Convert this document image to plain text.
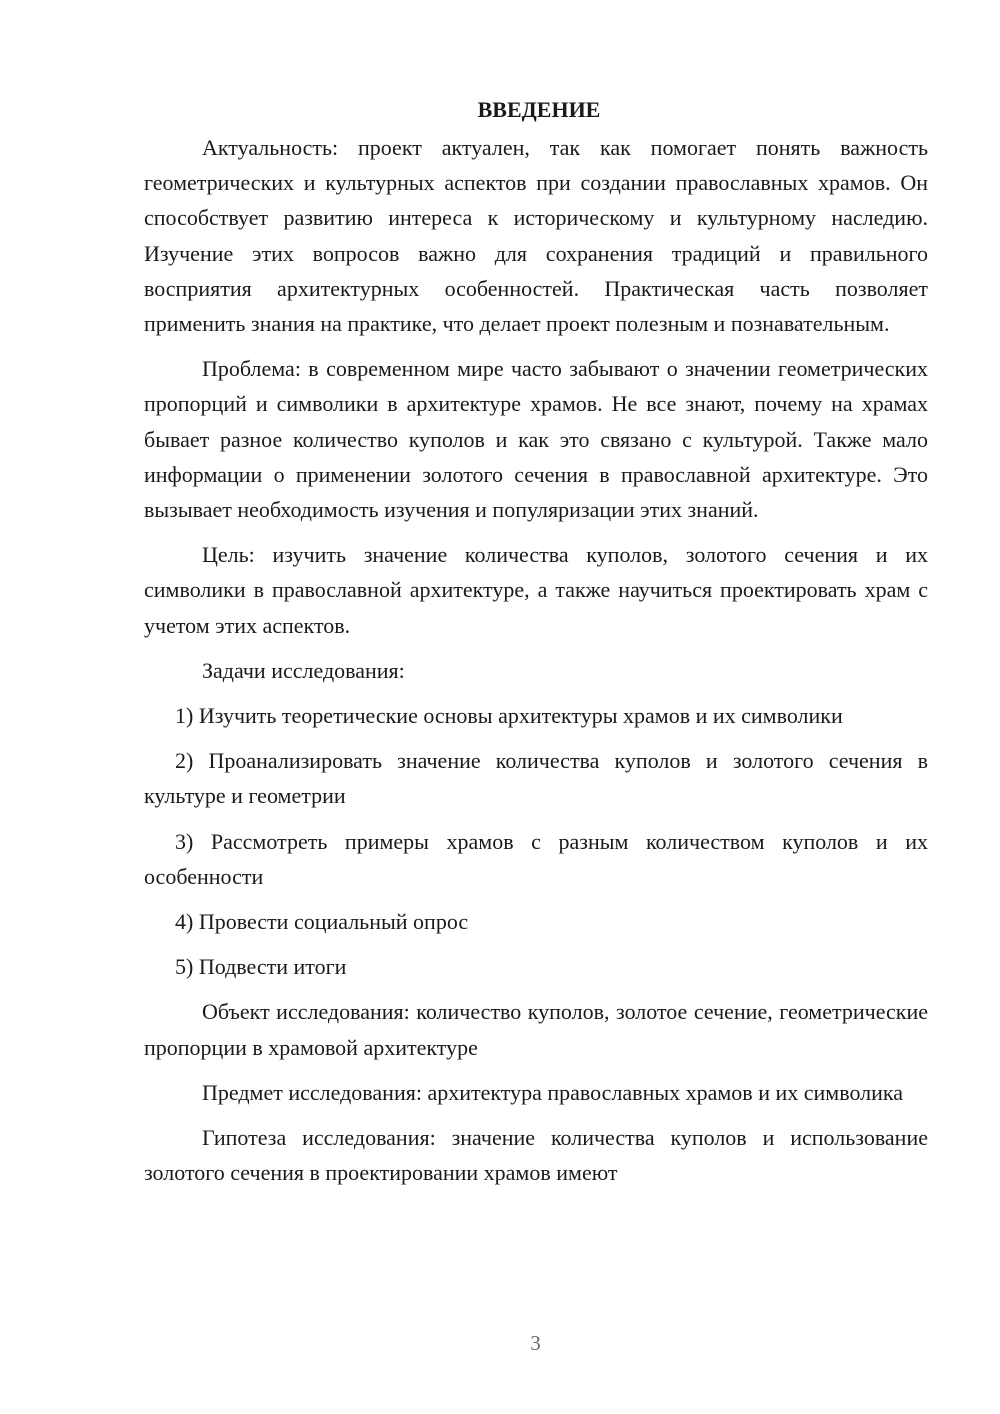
ВВЕДЕНИЕ

Актуальность: проект актуален, так как помогает понять важность геометрических и культурных аспектов при создании православных храмов. Он способствует развитию интереса к историческому и культурному наследию. Изучение этих вопросов важно для сохранения традиций и правильного восприятия архитектурных особенностей. Практическая часть позволяет применить знания на практике, что делает проект полезным и познавательным.

Проблема: в современном мире часто забывают о значении геометрических пропорций и символики в архитектуре храмов. Не все знают, почему на храмах бывает разное количество куполов и как это связано с культурой. Также мало информации о применении золотого сечения в православной архитектуре. Это вызывает необходимость изучения и популяризации этих знаний.

Цель: изучить значение количества куполов, золотого сечения и их символики в православной архитектуре, а также научиться проектировать храм с учетом этих аспектов.

Задачи исследования:

1) Изучить теоретические основы архитектуры храмов и их символики

2) Проанализировать значение количества куполов и золотого сечения в культуре и геометрии

3) Рассмотреть примеры храмов с разным количеством куполов и их особенности

4) Провести социальный опрос

5) Подвести итоги

Объект исследования: количество куполов, золотое сечение, геометрические пропорции в храмовой архитектуре

Предмет исследования: архитектура православных храмов и их символика

Гипотеза исследования: значение количества куполов и использование золотого сечения в проектировании храмов имеют

3
